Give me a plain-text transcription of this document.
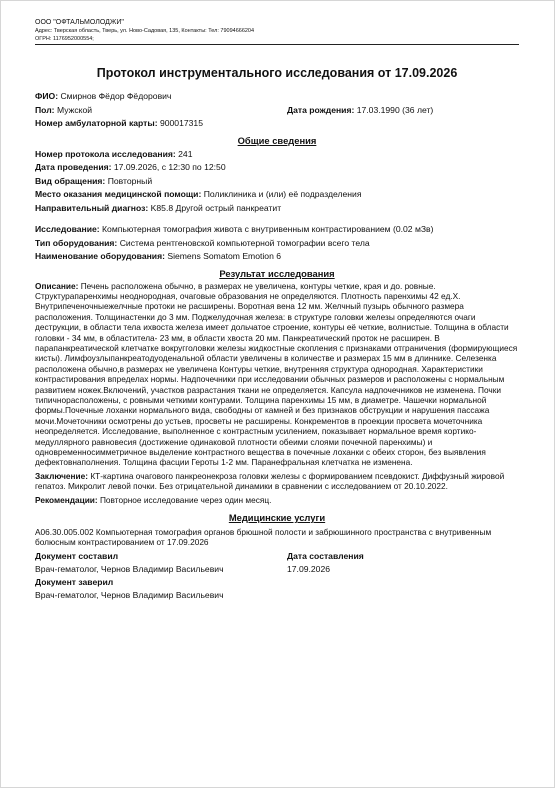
ООО "ОФТАЛЬМОЛОДЖИ"
Адрес: Тверская область, Тверь, ул. Ново-Садовая, 135, Контакты: Тел: 79094666204
ОГРН: 1176952000554;
Протокол инструментального исследования от 17.09.2026
ФИО: Смирнов Фёдор Фёдорович
Пол: Мужской	Дата рождения: 17.03.1990 (36 лет)
Номер амбулаторной карты: 900017315
Общие сведения
Номер протокола исследования: 241
Дата проведения: 17.09.2026, с 12:30 по 12:50
Вид обращения: Повторный
Место оказания медицинской помощи: Поликлиника и (или) её подразделения
Направительный диагноз: K85.8 Другой острый панкреатит
Исследование: Компьютерная томография живота с внутривенным контрастированием (0.02 мЗв)
Тип оборудования: Система рентгеновской компьютерной томографии всего тела
Наименование оборудования: Siemens Somatom Emotion 6
Результат исследования
Описание: Печень расположена обычно, в размерах не увеличена, контуры четкие, края и до. ровные. Структурапаренхимы неоднородная, очаговые образования не определяются. Плотность паренхимы 42 ед.Х. Внутрипеченочныежелчные протоки не расширены. Воротная вена 12 мм. Желчный пузырь обычного размера расположения. Толщинастенки до 3 мм. Поджелудочная железа: в структуре головки железы определяются очаги деструкции, в области тела ихвоста железа имеет дольчатое строение, контуры её четкие, волнистые. Толщина в области головки - 34 мм, в областитела- 23 мм, в области хвоста 20 мм. Панкреатический проток не расширен. В парапанкреатической клетчатке вокругголовки железы жидкостные скопления с признаками отграничения (формирующиеся кисты). Лимфоузлыпанкреатодуоденальной области увеличены в количестве и размерах 15 мм в длиннике. Селезенка расположена обычно,в размерах не увеличена Контуры четкие, внутренняя структура однородная. Характеристики контрастирования впределах нормы. Надпочечники при исследовании обычных размеров и расположены с нормальным развитием ножек.Включений, участков разрастания ткани не определяется. Капсула надпочечников не изменена. Почки типичнорасположены, с ровными четкими контурами. Толщина паренхимы 15 мм, в диаметре. Чашечки нормальной формы.Почечные лоханки нормального вида, свободны от камней и без признаков обструкции и нарушения пассажа мочи.Мочеточники осмотрены до устьев, просветы не расширены. Конкрементов в проекции просвета мочеточника неопределяется. Исследование, выполненное с контрастным усилением, показывает нормальное время кортико-медуллярного равновесия (достижение одинаковой плотности обеими слоями почечной паренхимы) и одновременносимметричное выделение контрастного вещества в почечные лоханки с обеих сторон, без выявления дефектовнаполнения. Толщина фасции Героты 1-2 мм. Паранефральная клетчатка не изменена.
Заключение: КТ-картина очагового панкреонекроза головки железы с формированием псевдокист. Диффузный жировой гепатоз. Микролит левой почки. Без отрицательной динамики в сравнении с исследованием от 20.10.2022.
Рекомендации: Повторное исследование через один месяц.
Медицинские услуги
A06.30.005.002 Компьютерная томография органов брюшной полости и забрюшинного пространства с внутривенным болюсным контрастированием от 17.09.2026
Документ составил	Дата составления
Врач-гематолог, Чернов Владимир Васильевич	17.09.2026
Документ заверил
Врач-гематолог, Чернов Владимир Васильевич
